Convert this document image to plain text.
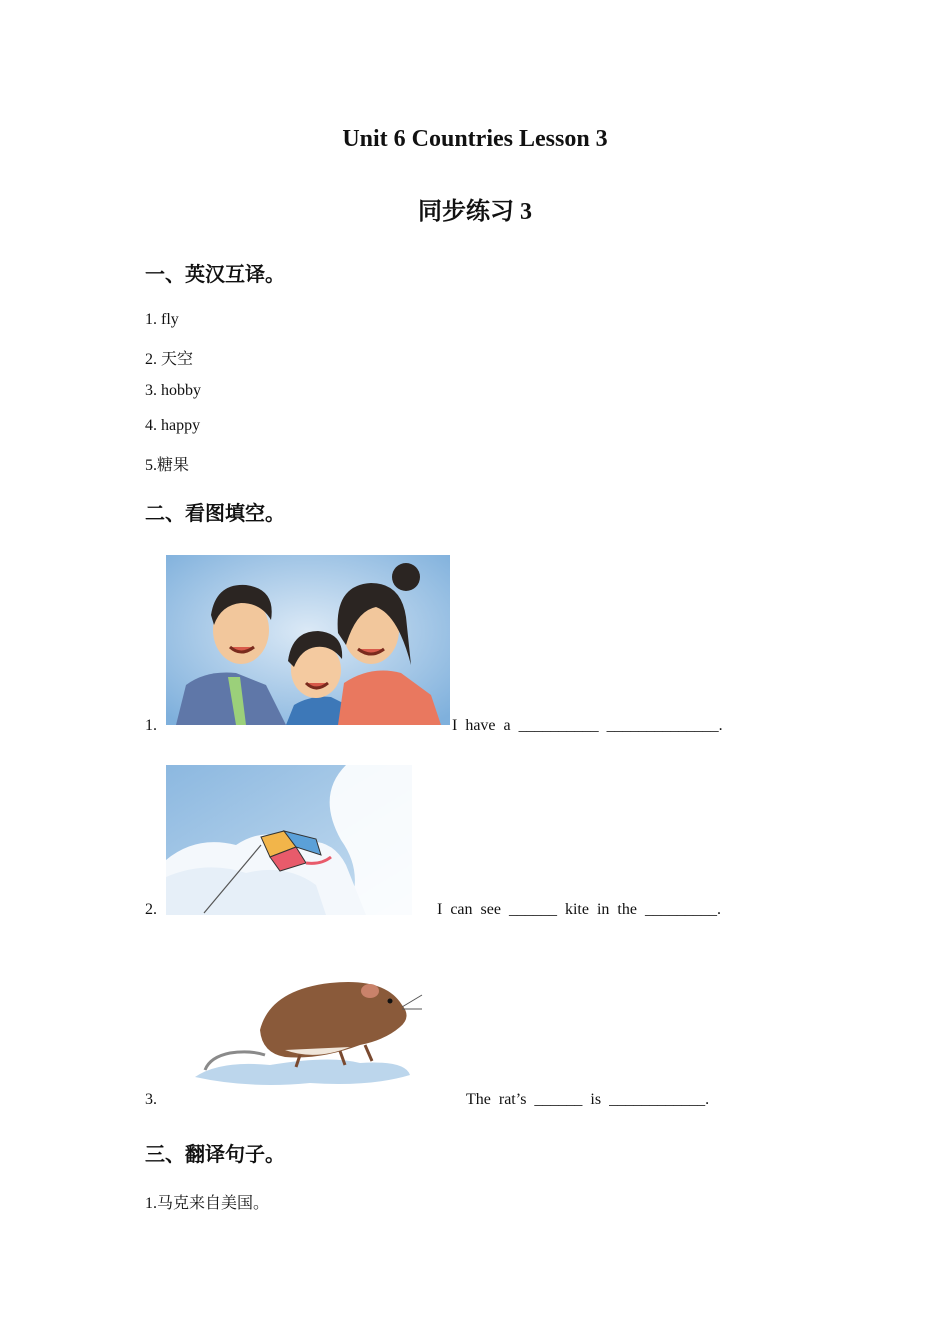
Unit 6 Countries Lesson 3
同步练习 3
一、英汉互译。
1. fly
2. 天空
3. hobby
4. happy
5.糖果
二、看图填空。
1.	I  have  a  __________  ______________.
2.	I  can  see  ______  kite  in  the  _________.
3.	The  rat’s  ______  is  ____________.
三、翻译句子。
1.马克来自美国。
